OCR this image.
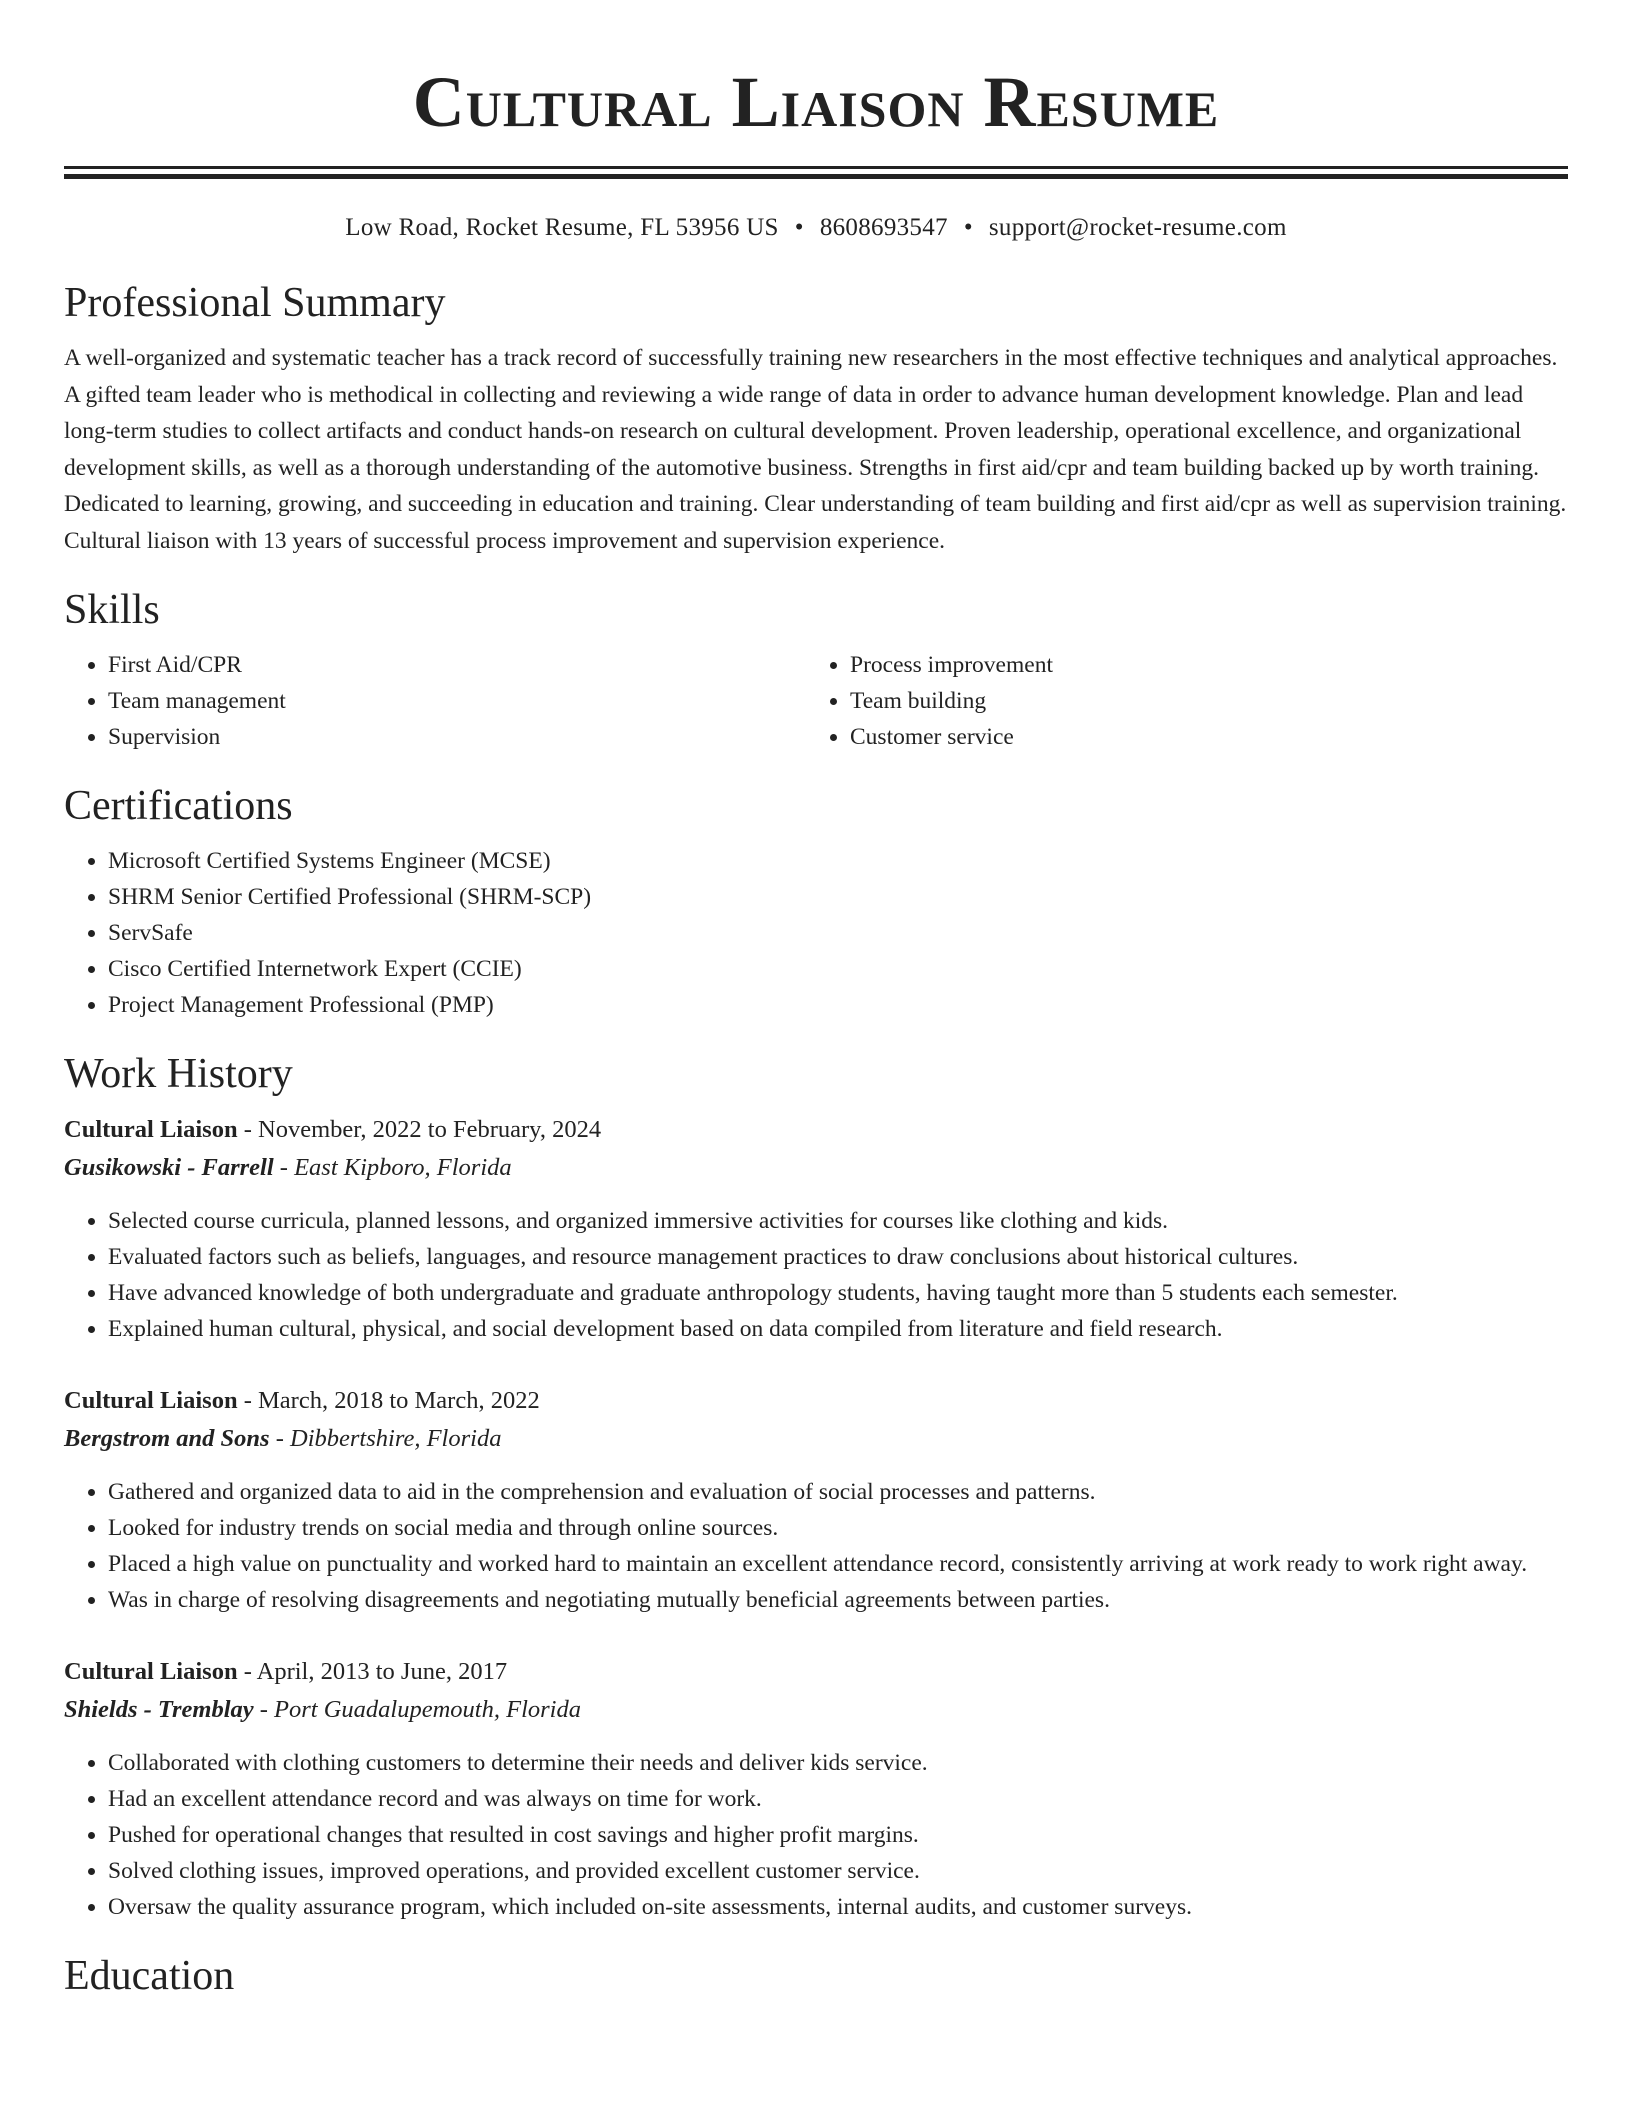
Cultural Liaison Resume
Low Road, Rocket Resume, FL 53956 US • 8608693547 • support@rocket-resume.com
Professional Summary

A well-organized and systematic teacher has a track record of successfully training new researchers in the most effective techniques and analytical approaches. A gifted team leader who is methodical in collecting and reviewing a wide range of data in order to advance human development knowledge. Plan and lead long-term studies to collect artifacts and conduct hands-on research on cultural development. Proven leadership, operational excellence, and organizational development skills, as well as a thorough understanding of the automotive business. Strengths in first aid/cpr and team building backed up by worth training. Dedicated to learning, growing, and succeeding in education and training. Clear understanding of team building and first aid/cpr as well as supervision training. Cultural liaison with 13 years of successful process improvement and supervision experience.

Skills
• First Aid/CPR
• Team management
• Supervision
• Process improvement
• Team building
• Customer service
Certifications
• Microsoft Certified Systems Engineer (MCSE)
• SHRM Senior Certified Professional (SHRM-SCP)
• ServSafe
• Cisco Certified Internetwork Expert (CCIE)
• Project Management Professional (PMP)
Work History
Cultural Liaison - November, 2022 to February, 2024
Gusikowski - Farrell - East Kipboro, Florida
• Selected course curricula, planned lessons, and organized immersive activities for courses like clothing and kids.
• Evaluated factors such as beliefs, languages, and resource management practices to draw conclusions about historical cultures.
• Have advanced knowledge of both undergraduate and graduate anthropology students, having taught more than 5 students each semester.
• Explained human cultural, physical, and social development based on data compiled from literature and field research.
Cultural Liaison - March, 2018 to March, 2022
Bergstrom and Sons - Dibbertshire, Florida
• Gathered and organized data to aid in the comprehension and evaluation of social processes and patterns.
• Looked for industry trends on social media and through online sources.
• Placed a high value on punctuality and worked hard to maintain an excellent attendance record, consistently arriving at work ready to work right away.
• Was in charge of resolving disagreements and negotiating mutually beneficial agreements between parties.
Cultural Liaison - April, 2013 to June, 2017
Shields - Tremblay - Port Guadalupemouth, Florida
• Collaborated with clothing customers to determine their needs and deliver kids service.
• Had an excellent attendance record and was always on time for work.
• Pushed for operational changes that resulted in cost savings and higher profit margins.
• Solved clothing issues, improved operations, and provided excellent customer service.
• Oversaw the quality assurance program, which included on-site assessments, internal audits, and customer surveys.
Education
